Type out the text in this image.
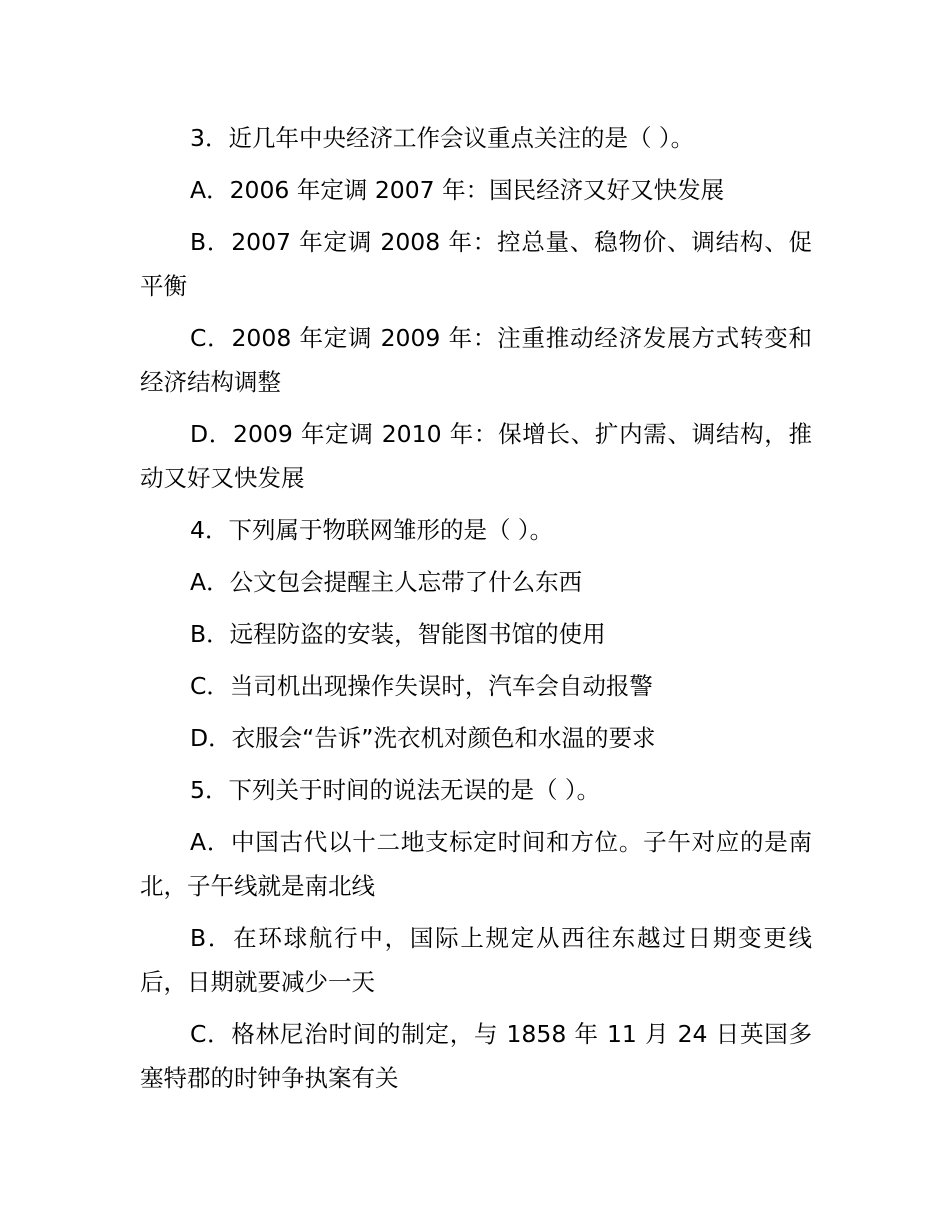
3．近几年中央经济工作会议重点关注的是（ ）。

A．2006 年定调 2007 年：国民经济又好又快发展

B．2007 年定调 2008 年：控总量、稳物价、调结构、促平衡

C．2008 年定调 2009 年：注重推动经济发展方式转变和经济结构调整

D．2009 年定调 2010 年：保增长、扩内需、调结构，推动又好又快发展

4．下列属于物联网雏形的是（ ）。

A．公文包会提醒主人忘带了什么东西

B．远程防盗的安装，智能图书馆的使用

C．当司机出现操作失误时，汽车会自动报警

D．衣服会“告诉”洗衣机对颜色和水温的要求

5．下列关于时间的说法无误的是（ ）。

A．中国古代以十二地支标定时间和方位。子午对应的是南北，子午线就是南北线

B．在环球航行中，国际上规定从西往东越过日期变更线后，日期就要减少一天

C．格林尼治时间的制定，与 1858 年 11 月 24 日英国多塞特郡的时钟争执案有关
